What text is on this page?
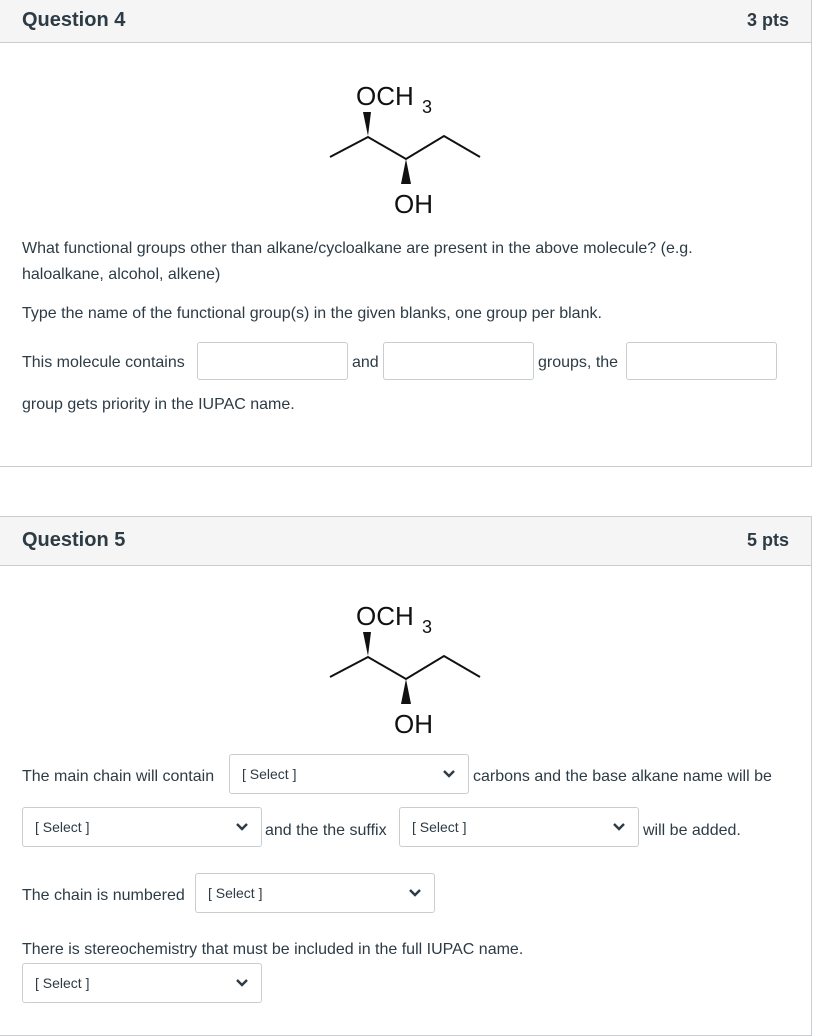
Question 4	3 pts
OCH 3
OH
What functional groups other than alkane/cycloalkane are present in the above molecule? (e.g.
haloalkane, alcohol, alkene)
Type the name of the functional group(s) in the given blanks, one group per blank.
This molecule contains	and	groups, the
group gets priority in the IUPAC name.
Question 5	5 pts
OCH 3
OH
The main chain will contain [ Select ]	carbons and the base alkane name will be
[ Select ]	and the the suffix [ Select ]	will be added.
The chain is numbered [ Select ]
There is stereochemistry that must be included in the full IUPAC name.
[ Select ]
